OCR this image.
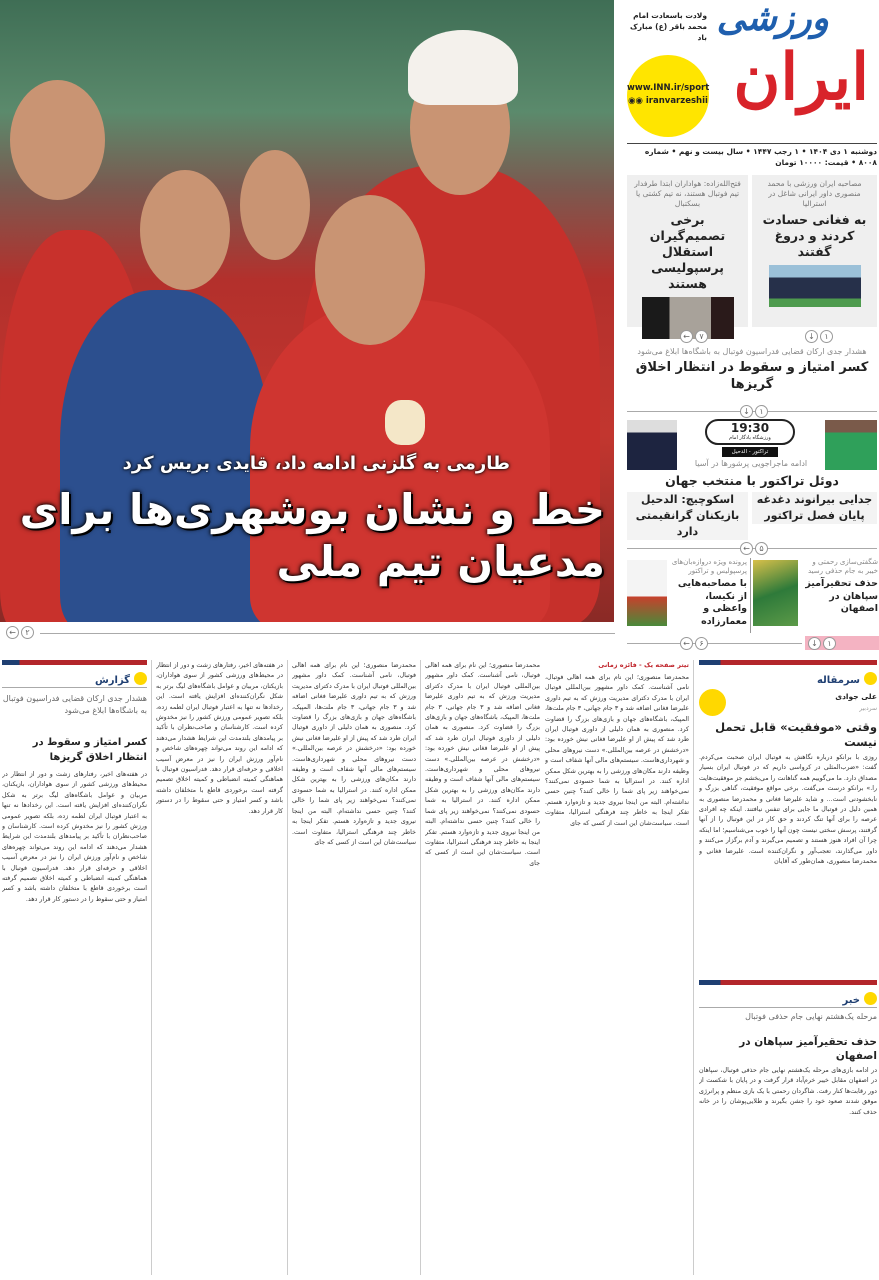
طارمی به گلزنی ادامه داد، قایدی بریس کرد
خط و نشان بوشهری‌ها برای مدعیان تیم ملی
←	۲
ورزشی
ایران
ولادت باسعادت امام محمد باقر (ع) مبارک باد
www.INN.ir/sport
◉◉ iranvarzeshii
دوشنبه ۱ دی ۱۴۰۴ • ۱ رجب ۱۴۴۷ • سال بیست و نهم • شماره ۸۰۰۸ • قیمت: ۱۰۰۰۰ تومان
مصاحبه ایران ورزشی با محمد منصوری داور ایرانی شاغل در استرالیا
به فغانی حسادت کردند و دروغ گفتند
فتح‌الله‌زاده: هواداران ابتدا طرفدار تیم فوتبال هستند، نه تیم کشتی یا بسکتبال
برخی تصمیم‌گیران استقلال پرسپولیسی هستند
↓	۱
←	۷
هشدار جدی ارکان قضایی فدراسیون فوتبال به باشگاه‌ها ابلاغ می‌شود
کسر امتیاز و سقوط در انتظار اخلاق گریزها
↓	۱
19:30
ورزشگاه یادگار امام
تراکتور - الدحیل
ادامه ماجراجویی پرشورها در آسیا
دوئل تراکتور با منتخب جهان
جدایی بیرانوند دغدغه پایان فصل تراکتور
اسکوچیچ: الدحیل بازیکنان گرانقیمتی دارد
←	۵
شگفتی‌سازی رحمتی و خیبر به جام حذفی رسید
حذف تحقیرآمیز سپاهان در اصفهان
پرونده ویژه دروازه‌بان‌های پرسپولیس و تراکتور
با مصاحبه‌هایی از نکیسا، واعظی و معمارزاده
↓	۱
←	۶
سرمقاله
علی جوادی
سردبیر
وقتی «موفقیت» قابل تحمل نیست
روزی با برانکو درباره نگاهش به فوتبال ایران صحبت می‌کردم. گفت: «ضرب‌المثلی در کرواسی داریم که در فوتبال ایران بسیار مصداق دارد. ما می‌گوییم همه گناهانت را می‌بخشم جز موفقیت‌هایت را.» برانکو درست می‌گفت. برخی مواقع موفقیت، گناهی بزرگ و نابخشودنی است... و شاید علیرضا فغانی و محمدرضا منصوری به همین دلیل در فوتبال ما جایی برای تنفس نیافتند. اینکه چه افرادی عرصه را برای آنها تنگ کردند و حق کار در این فوتبال را از آنها گرفتند، پرسش سختی نیست چون آنها را خوب می‌شناسیم؛ اما اینکه چرا آن افراد هنوز هستند و تصمیم می‌گیرند و آدم برگزار می‌کنند و داور می‌گذارند، تعجب‌آور و نگران‌کننده است. علیرضا فغانی و محمدرضا منصوری، همان‌طور که آقایان
خبر
مرحله یک‌هشتم نهایی جام حذفی فوتبال
حذف تحقیرآمیز سپاهان در اصفهان
در ادامه بازی‌های مرحله یک‌هشتم نهایی جام حذفی فوتبال، سپاهان در اصفهان مقابل خیبر خرم‌آباد قرار گرفت و در پایان با شکست از دور رقابت‌ها کنار رفت. شاگردان رحمتی با یک بازی منظم و پرانرژی موفق شدند صعود خود را جشن بگیرند و طلایی‌پوشان را در خانه حذف کنند.
تیتر صفحه یک - فائزه زمانی
محمدرضا منصوری؛ این نام برای همه اهالی فوتبال، نامی آشناست. کمک داور مشهور بین‌المللی فوتبال ایران با مدرک دکترای مدیریت ورزش که به تیم داوری علیرضا فغانی اضافه شد و ۳ جام جهانی، ۳ جام ملت‌ها، المپیک، باشگاه‌های جهان و بازی‌های بزرگ را قضاوت کرد. منصوری به همان دلیلی از داوری فوتبال ایران طرد شد که پیش از او علیرضا فغانی نیش خورده بود: «درخشش در عرصه بین‌المللی.» دست نیروهای محلی و شهرداری‌هاست. سیستم‌های مالی آنها شفاف است و وظیفه دارند مکان‌های ورزشی را به بهترین شکل ممکن اداره کنند. در استرالیا به شما حسودی نمی‌کنند؟ نمی‌خواهند زیر پای شما را خالی کنند؟ چنین حسی نداشته‌ام. البته من اینجا نیروی جدید و تازه‌وارد هستم. تفکر اینجا به خاطر چند فرهنگی استرالیا، متفاوت است. سیاست‌شان این است از کسی که جای
محمدرضا منصوری؛ این نام برای همه اهالی فوتبال، نامی آشناست. کمک داور مشهور بین‌المللی فوتبال ایران با مدرک دکترای مدیریت ورزش که به تیم داوری علیرضا فغانی اضافه شد و ۳ جام جهانی، ۳ جام ملت‌ها، المپیک، باشگاه‌های جهان و بازی‌های بزرگ را قضاوت کرد. منصوری به همان دلیلی از داوری فوتبال ایران طرد شد که پیش از او علیرضا فغانی نیش خورده بود: «درخشش در عرصه بین‌المللی.» دست نیروهای محلی و شهرداری‌هاست. سیستم‌های مالی آنها شفاف است و وظیفه دارند مکان‌های ورزشی را به بهترین شکل ممکن اداره کنند. در استرالیا به شما حسودی نمی‌کنند؟ نمی‌خواهند زیر پای شما را خالی کنند؟ چنین حسی نداشته‌ام. البته من اینجا نیروی جدید و تازه‌وارد هستم. تفکر اینجا به خاطر چند فرهنگی استرالیا، متفاوت است. سیاست‌شان این است از کسی که جای
محمدرضا منصوری؛ این نام برای همه اهالی فوتبال، نامی آشناست. کمک داور مشهور بین‌المللی فوتبال ایران با مدرک دکترای مدیریت ورزش که به تیم داوری علیرضا فغانی اضافه شد و ۳ جام جهانی، ۳ جام ملت‌ها، المپیک، باشگاه‌های جهان و بازی‌های بزرگ را قضاوت کرد. منصوری به همان دلیلی از داوری فوتبال ایران طرد شد که پیش از او علیرضا فغانی نیش خورده بود: «درخشش در عرصه بین‌المللی.» دست نیروهای محلی و شهرداری‌هاست. سیستم‌های مالی آنها شفاف است و وظیفه دارند مکان‌های ورزشی را به بهترین شکل ممکن اداره کنند. در استرالیا به شما حسودی نمی‌کنند؟ نمی‌خواهند زیر پای شما را خالی کنند؟ چنین حسی نداشته‌ام. البته من اینجا نیروی جدید و تازه‌وارد هستم. تفکر اینجا به خاطر چند فرهنگی استرالیا، متفاوت است. سیاست‌شان این است از کسی که جای
در هفته‌های اخیر، رفتارهای زشت و دور از انتظار در محیط‌های ورزشی کشور از سوی هواداران، بازیکنان، مربیان و عوامل باشگاه‌های لیگ برتر به شکل نگران‌کننده‌ای افزایش یافته است. این رخدادها نه تنها به اعتبار فوتبال ایران لطمه زده، بلکه تصویر عمومی ورزش کشور را نیز مخدوش کرده است. کارشناسان و صاحب‌نظران با تأکید بر پیامدهای بلندمدت این شرایط هشدار می‌دهند که ادامه این روند می‌تواند چهره‌های شاخص و نام‌آور ورزش ایران را نیز در معرض آسیب اخلاقی و حرفه‌ای قرار دهد. فدراسیون فوتبال با هماهنگی کمیته انضباطی و کمیته اخلاق تصمیم گرفته است برخوردی قاطع با متخلفان داشته باشد و کسر امتیاز و حتی سقوط را در دستور کار قرار دهد.
گزارش
هشدار جدی ارکان قضایی فدراسیون فوتبال به باشگاه‌ها ابلاغ می‌شود
کسر امتیاز و سقوط در انتظار اخلاق گریزها
در هفته‌های اخیر، رفتارهای زشت و دور از انتظار در محیط‌های ورزشی کشور از سوی هواداران، بازیکنان، مربیان و عوامل باشگاه‌های لیگ برتر به شکل نگران‌کننده‌ای افزایش یافته است. این رخدادها نه تنها به اعتبار فوتبال ایران لطمه زده، بلکه تصویر عمومی ورزش کشور را نیز مخدوش کرده است. کارشناسان و صاحب‌نظران با تأکید بر پیامدهای بلندمدت این شرایط هشدار می‌دهند که ادامه این روند می‌تواند چهره‌های شاخص و نام‌آور ورزش ایران را نیز در معرض آسیب اخلاقی و حرفه‌ای قرار دهد. فدراسیون فوتبال با هماهنگی کمیته انضباطی و کمیته اخلاق تصمیم گرفته است برخوردی قاطع با متخلفان داشته باشد و کسر امتیاز و حتی سقوط را در دستور کار قرار دهد.
